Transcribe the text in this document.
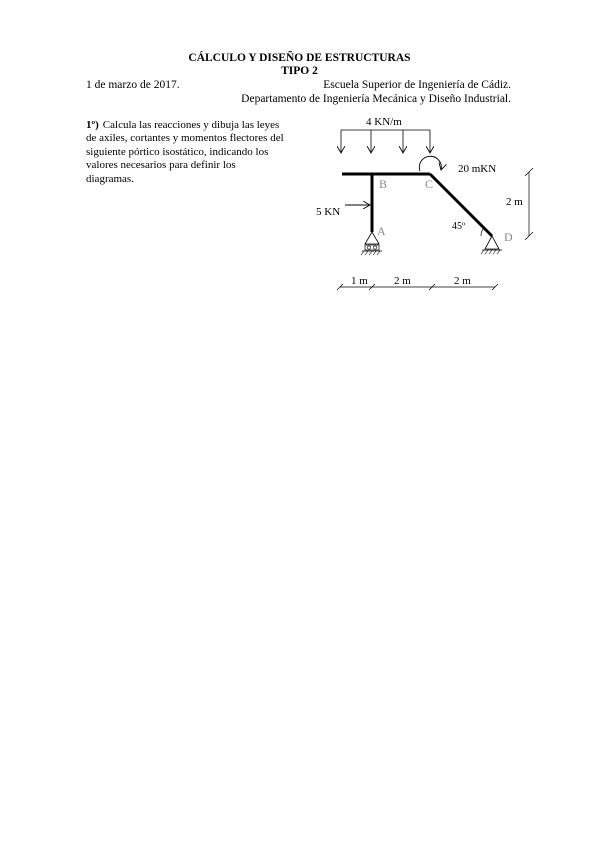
CÁLCULO Y DISEÑO DE ESTRUCTURAS
TIPO 2
1 de marzo de 2017.	Escuela Superior de Ingeniería de Cádiz.
Departamento de Ingeniería Mecánica y Diseño Industrial.
1º) Calcula las reacciones y dibuja las leyes
de axiles, cortantes y momentos flectores del
siguiente pórtico isostático, indicando los
valores necesarios para definir los
diagramas.
4 KN/m
20 mKN
5 KN
45º
B	C
A	D
2 m
1 m 2 m	2 m
